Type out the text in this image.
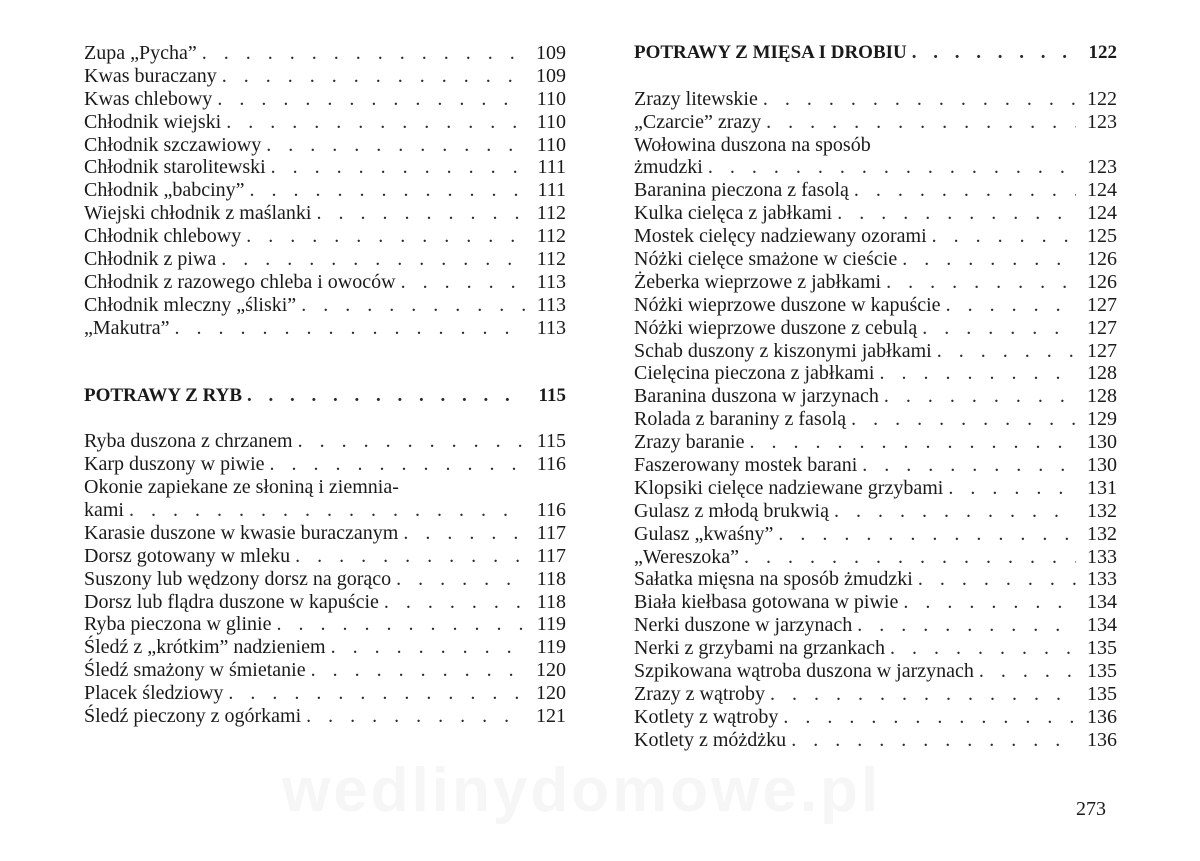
Zupa „Pycha” . . .	109
Kwas buraczany . . .	109
Kwas chlebowy . . .	110
Chłodnik wiejski . . .	110
Chłodnik szczawiowy . . .	110
Chłodnik starolitewski . . .	111
Chłodnik „babciny” . . .	111
Wiejski chłodnik z maślanki . . .	112
Chłodnik chlebowy . . .	112
Chłodnik z piwa . . .	112
Chłodnik z razowego chleba i owoców . . .	113
Chłodnik mleczny „śliski” . . .	113
„Makutra” . . .	113
POTRAWY Z RYB . . .	115
Ryba duszona z chrzanem . . .	115
Karp duszony w piwie . . .	116
Okonie zapiekane ze słoniną i ziemnia-
kami . . .	116
Karasie duszone w kwasie buraczanym . . .	117
Dorsz gotowany w mleku . . .	117
Suszony lub wędzony dorsz na gorąco . . .	118
Dorsz lub flądra duszone w kapuście . . .	118
Ryba pieczona w glinie . . .	119
Śledź z „krótkim” nadzieniem . . .	119
Śledź smażony w śmietanie . . .	120
Placek śledziowy . . .	120
Śledź pieczony z ogórkami . . .	121
POTRAWY Z MIĘSA I DROBIU . . .	122
Zrazy litewskie . . .	122
„Czarcie” zrazy . . .	123
Wołowina duszona na sposób
żmudzki . . .	123
Baranina pieczona z fasolą . . .	124
Kulka cielęca z jabłkami . . .	124
Mostek cielęcy nadziewany ozorami . . .	125
Nóżki cielęce smażone w cieście . . .	126
Żeberka wieprzowe z jabłkami . . .	126
Nóżki wieprzowe duszone w kapuście . . .	127
Nóżki wieprzowe duszone z cebulą . . .	127
Schab duszony z kiszonymi jabłkami . . .	127
Cielęcina pieczona z jabłkami . . .	128
Baranina duszona w jarzynach . . .	128
Rolada z baraniny z fasolą . . .	129
Zrazy baranie . . .	130
Faszerowany mostek barani . . .	130
Klopsiki cielęce nadziewane grzybami . . .	131
Gulasz z młodą brukwią . . .	132
Gulasz „kwaśny” . . .	132
„Wereszoka” . . .	133
Sałatka mięsna na sposób żmudzki . . .	133
Biała kiełbasa gotowana w piwie . . .	134
Nerki duszone w jarzynach . . .	134
Nerki z grzybami na grzankach . . .	135
Szpikowana wątroba duszona w jarzynach . . .	135
Zrazy z wątroby . . .	135
Kotlety z wątroby . . .	136
Kotlety z móżdżku . . .	136
wedlinydomowe.pl	273
